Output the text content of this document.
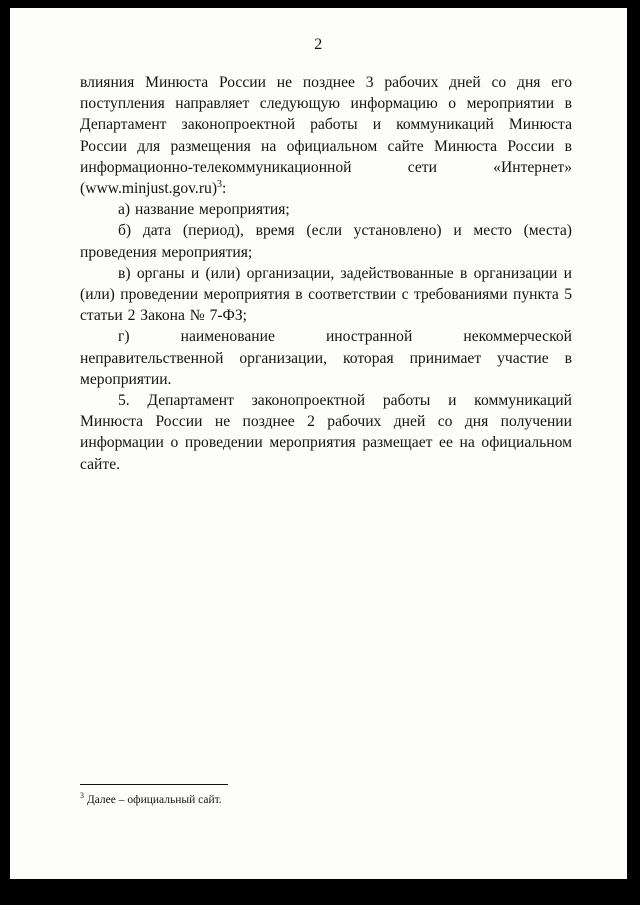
2

влияния Минюста России не позднее 3 рабочих дней со дня его поступления направляет следующую информацию о мероприятии в Департамент законопроектной работы и коммуникаций Минюста России для размещения на официальном сайте Минюста России в информационно-телекоммуникационной сети «Интернет» (www.minjust.gov.ru)$^3$:

а) название мероприятия;

б) дата (период), время (если установлено) и место (места) проведения мероприятия;

в) органы и (или) организации, задействованные в организации и (или) проведении мероприятия в соответствии с требованиями пункта 5 статьи 2 Закона № 7-ФЗ;

г) наименование иностранной некоммерческой неправительственной организации, которая принимает участие в мероприятии.

5. Департамент законопроектной работы и коммуникаций Минюста России не позднее 2 рабочих дней со дня получении информации о проведении мероприятия размещает ее на официальном сайте.

$^3$ Далее – официальный сайт.
